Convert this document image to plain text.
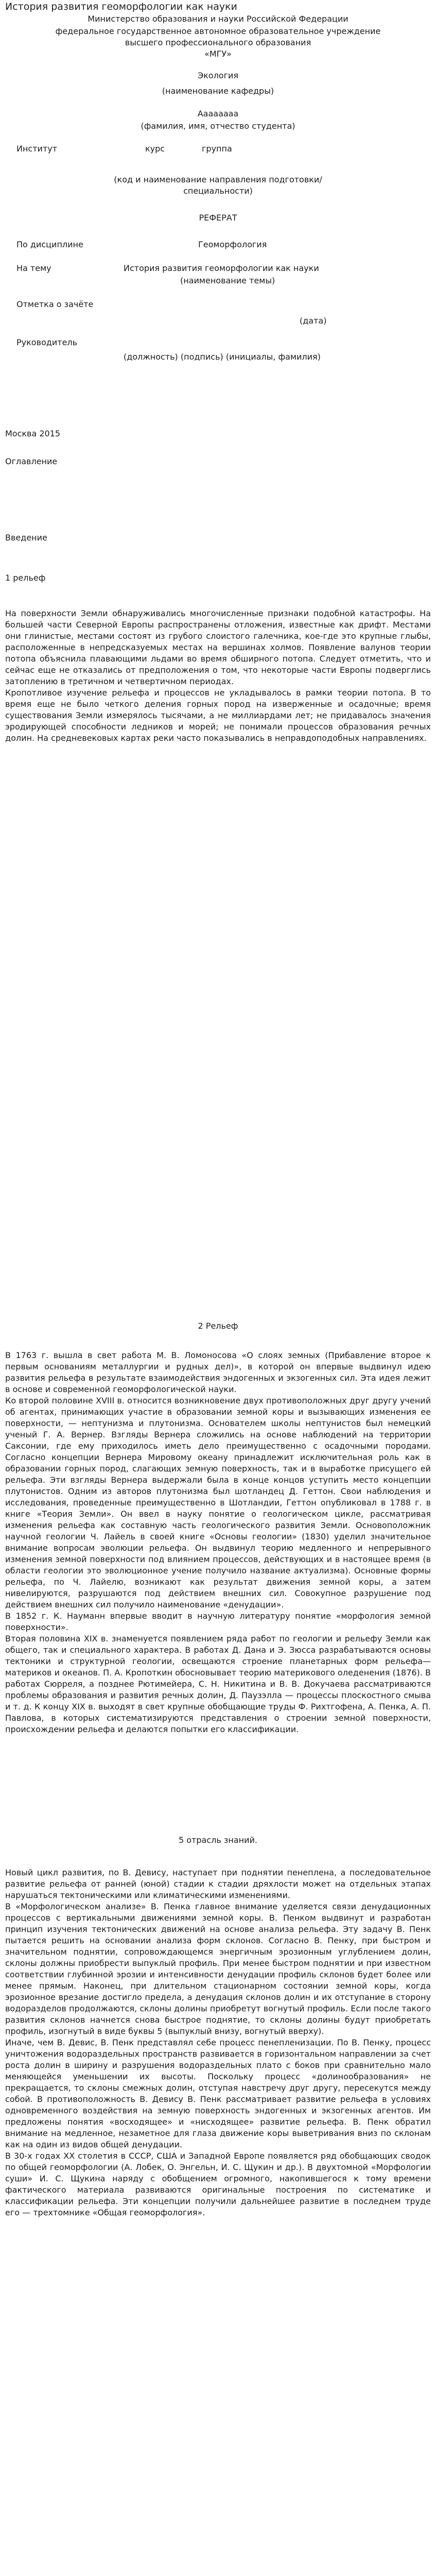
История развития геоморфологии как науки
Министерство образования и науки Российской Федерации
федеральное государственное автономное образовательное учреждение
высшего профессионального образования
«МГУ»
Экология
(наименование кафедры)
Аааааааа
(фамилия, имя, отчество студента)
Институт	курс	группа
(код и наименование направления подготовки/
специальности)
РЕФЕРАТ
По дисциплине	Геоморфология
На тему	История развития геоморфологии как науки
(наименование темы)
Отметка о зачёте
(дата)
Руководитель
(должность) (подпись) (инициалы, фамилия)
Москва 2015
Оглавление
Введение
1 рельеф

На поверхности Земли обнаруживались многочисленные признаки подобной катастрофы. На большей части Северной Европы распространены отложения, известные как дрифт. Местами они глинистые, местами состоят из грубого слоистого галечника, кое-где это крупные глыбы, расположенные в непредсказуемых местах на вершинах холмов. Появление валунов теории потопа объяснила плавающими льдами во время обширного потопа. Следует отметить, что и сейчас еще не отказались от предположения о том, что некоторые части Европы подверглись затоплению в третичном и четвертичном периодах.

Кропотливое изучение рельефа и процессов не укладывалось в рамки теории потопа. В то время еще не было четкого деления горных пород на изверженные и осадочные; время существования Земли измерялось тысячами, а не миллиардами лет; не придавалось значения эродирующей способности ледников и морей; не понимали процессов образования речных долин. На средневековых картах реки часто показывались в неправдоподобных направлениях.

2 Рельеф

В 1763 г. вышла в свет работа М. В. Ломоносова «О слоях земных (Прибавление второе к первым основаниям металлургии и рудных дел)», в которой он впервые выдвинул идею развития рельефа в результате взаимодействия эндогенных и экзогенных сил. Эта идея лежит в основе и современной геоморфологической науки.

Ко второй половине XVIII в. относится возникновение двух противоположных друг другу учений об агентах, принимающих участие в образовании земной коры и вызывающих изменения ее поверхности, — нептунизма и плутонизма. Основателем школы нептунистов был немецкий ученый Г. А. Вернер. Взгляды Вернера сложились на основе наблюдений на территории Саксонии, где ему приходилось иметь дело преимущественно с осадочными породами. Согласно концепции Вернера Мировому океану принадлежит исключительная роль как в образовании горных пород, слагающих земную поверхность, так и в выработке присущего ей рельефа. Эти взгляды Вернера выдержали была в конце концов уступить место концепции плутонистов. Одним из авторов плутонизма был шотландец Д. Геттон. Свои наблюдения и исследования, проведенные преимущественно в Шотландии, Геттон опубликовал в 1788 г. в книге «Теория Земли». Он ввел в науку понятие о геологическом цикле, рассматривая изменения рельефа как составную часть геологического развития Земли. Основоположник научной геологии Ч. Лайель в своей книге «Основы геологии» (1830) уделил значительное внимание вопросам эволюции рельефа. Он выдвинул теорию медленного и непрерывного изменения земной поверхности под влиянием процессов, действующих и в настоящее время (в области геологии это эволюционное учение получило название актуализма). Основные формы рельефа, по Ч. Лайелю, возникают как результат движения земной коры, а затем нивелируются, разрушаются под действием внешних сил. Совокупное разрушение под действием внешних сил получило наименование «денудации».

В 1852 г. К. Науманн впервые вводит в научную литературу понятие «морфология земной поверхности».

Вторая половина XIX в. знаменуется появлением ряда работ по геологии и рельефу Земли как общего, так и специального характера. В работах Д. Дана и Э. Зюсса разрабатываются основы тектоники и структурной геологии, освещаются строение планетарных форм рельефа—материков и океанов. П. А. Кропоткин обосновывает теорию материкового оледенения (1876). В работах Сюрреля, а позднее Рютимейера, С. Н. Никитина и В. В. Докучаева рассматриваются проблемы образования и развития речных долин, Д. Паузэлла — процессы плоскостного смыва и т. д. К концу XIX в. выходят в свет крупные обобщающие труды Ф. Рихтгофена, А. Пенка, А. П. Павлова, в которых систематизируются представления о строении земной поверхности, происхождении рельефа и делаются попытки его классификации.

5 отрасль знаний.

Новый цикл развития, по В. Девису, наступает при поднятии пенеплена, а последовательное развитие рельефа от ранней (юной) стадии к стадии дряхлости может на отдельных этапах нарушаться тектоническими или климатическими изменениями.

В «Морфологическом анализе» В. Пенка главное внимание уделяется связи денудационных процессов с вертикальными движениями земной коры. В. Пенком выдвинут и разработан принцип изучения тектонических движений на основе анализа рельефа. Эту задачу В. Пенк пытается решить на основании анализа форм склонов. Согласно В. Пенку, при быстром и значительном поднятии, сопровождающемся энергичным эрозионным углублением долин, склоны должны приобрести выпуклый профиль. При менее быстром поднятии и при известном соответствии глубинной эрозии и интенсивности денудации профиль склонов будет более или менее прямым. Наконец, при длительном стационарном состоянии земной коры, когда эрозионное врезание достигло предела, а денудация склонов долин и их отступание в сторону водоразделов продолжаются, склоны долины приобретут вогнутый профиль. Если после такого развития склонов начнется снова быстрое поднятие, то склоны долины будут приобретать профиль, изогнутый в виде буквы 5 (выпуклый внизу, вогнутый вверху).

Иначе, чем В. Девис, В. Пенк представлял себе процесс пенепленизации. По В. Пенку, процесс уничтожения водораздельных пространств развивается в горизонтальном направлении за счет роста долин в ширину и разрушения водораздельных плато с боков при сравнительно мало меняющейся уменьшении их высоты. Поскольку процесс «долинообразования» не прекращается, то склоны смежных долин, отступая навстречу друг другу, пересекутся между собой. В противоположность В. Девису В. Пенк рассматривает развитие рельефа в условиях одновременного воздействия на земную поверхность эндогенных и экзогенных агентов. Им предложены понятия «восходящее» и «нисходящее» развитие рельефа. В. Пенк обратил внимание на медленное, незаметное для глаза движение коры выветривания вниз по склонам как на один из видов общей денудации.

В 30-х годах XX столетия в СССР, США и Западной Европе появляется ряд обобщающих сводок по общей геоморфологии (А. Лобек, О. Энгельн, И. С. Щукин и др.). В двухтомной «Морфологии суши» И. С. Щукина наряду с обобщением огромного, накопившегося к тому времени фактического материала развиваются оригинальные построения по систематике и классификации рельефа. Эти концепции получили дальнейшее развитие в последнем труде его — трехтомнике «Общая геоморфология».
